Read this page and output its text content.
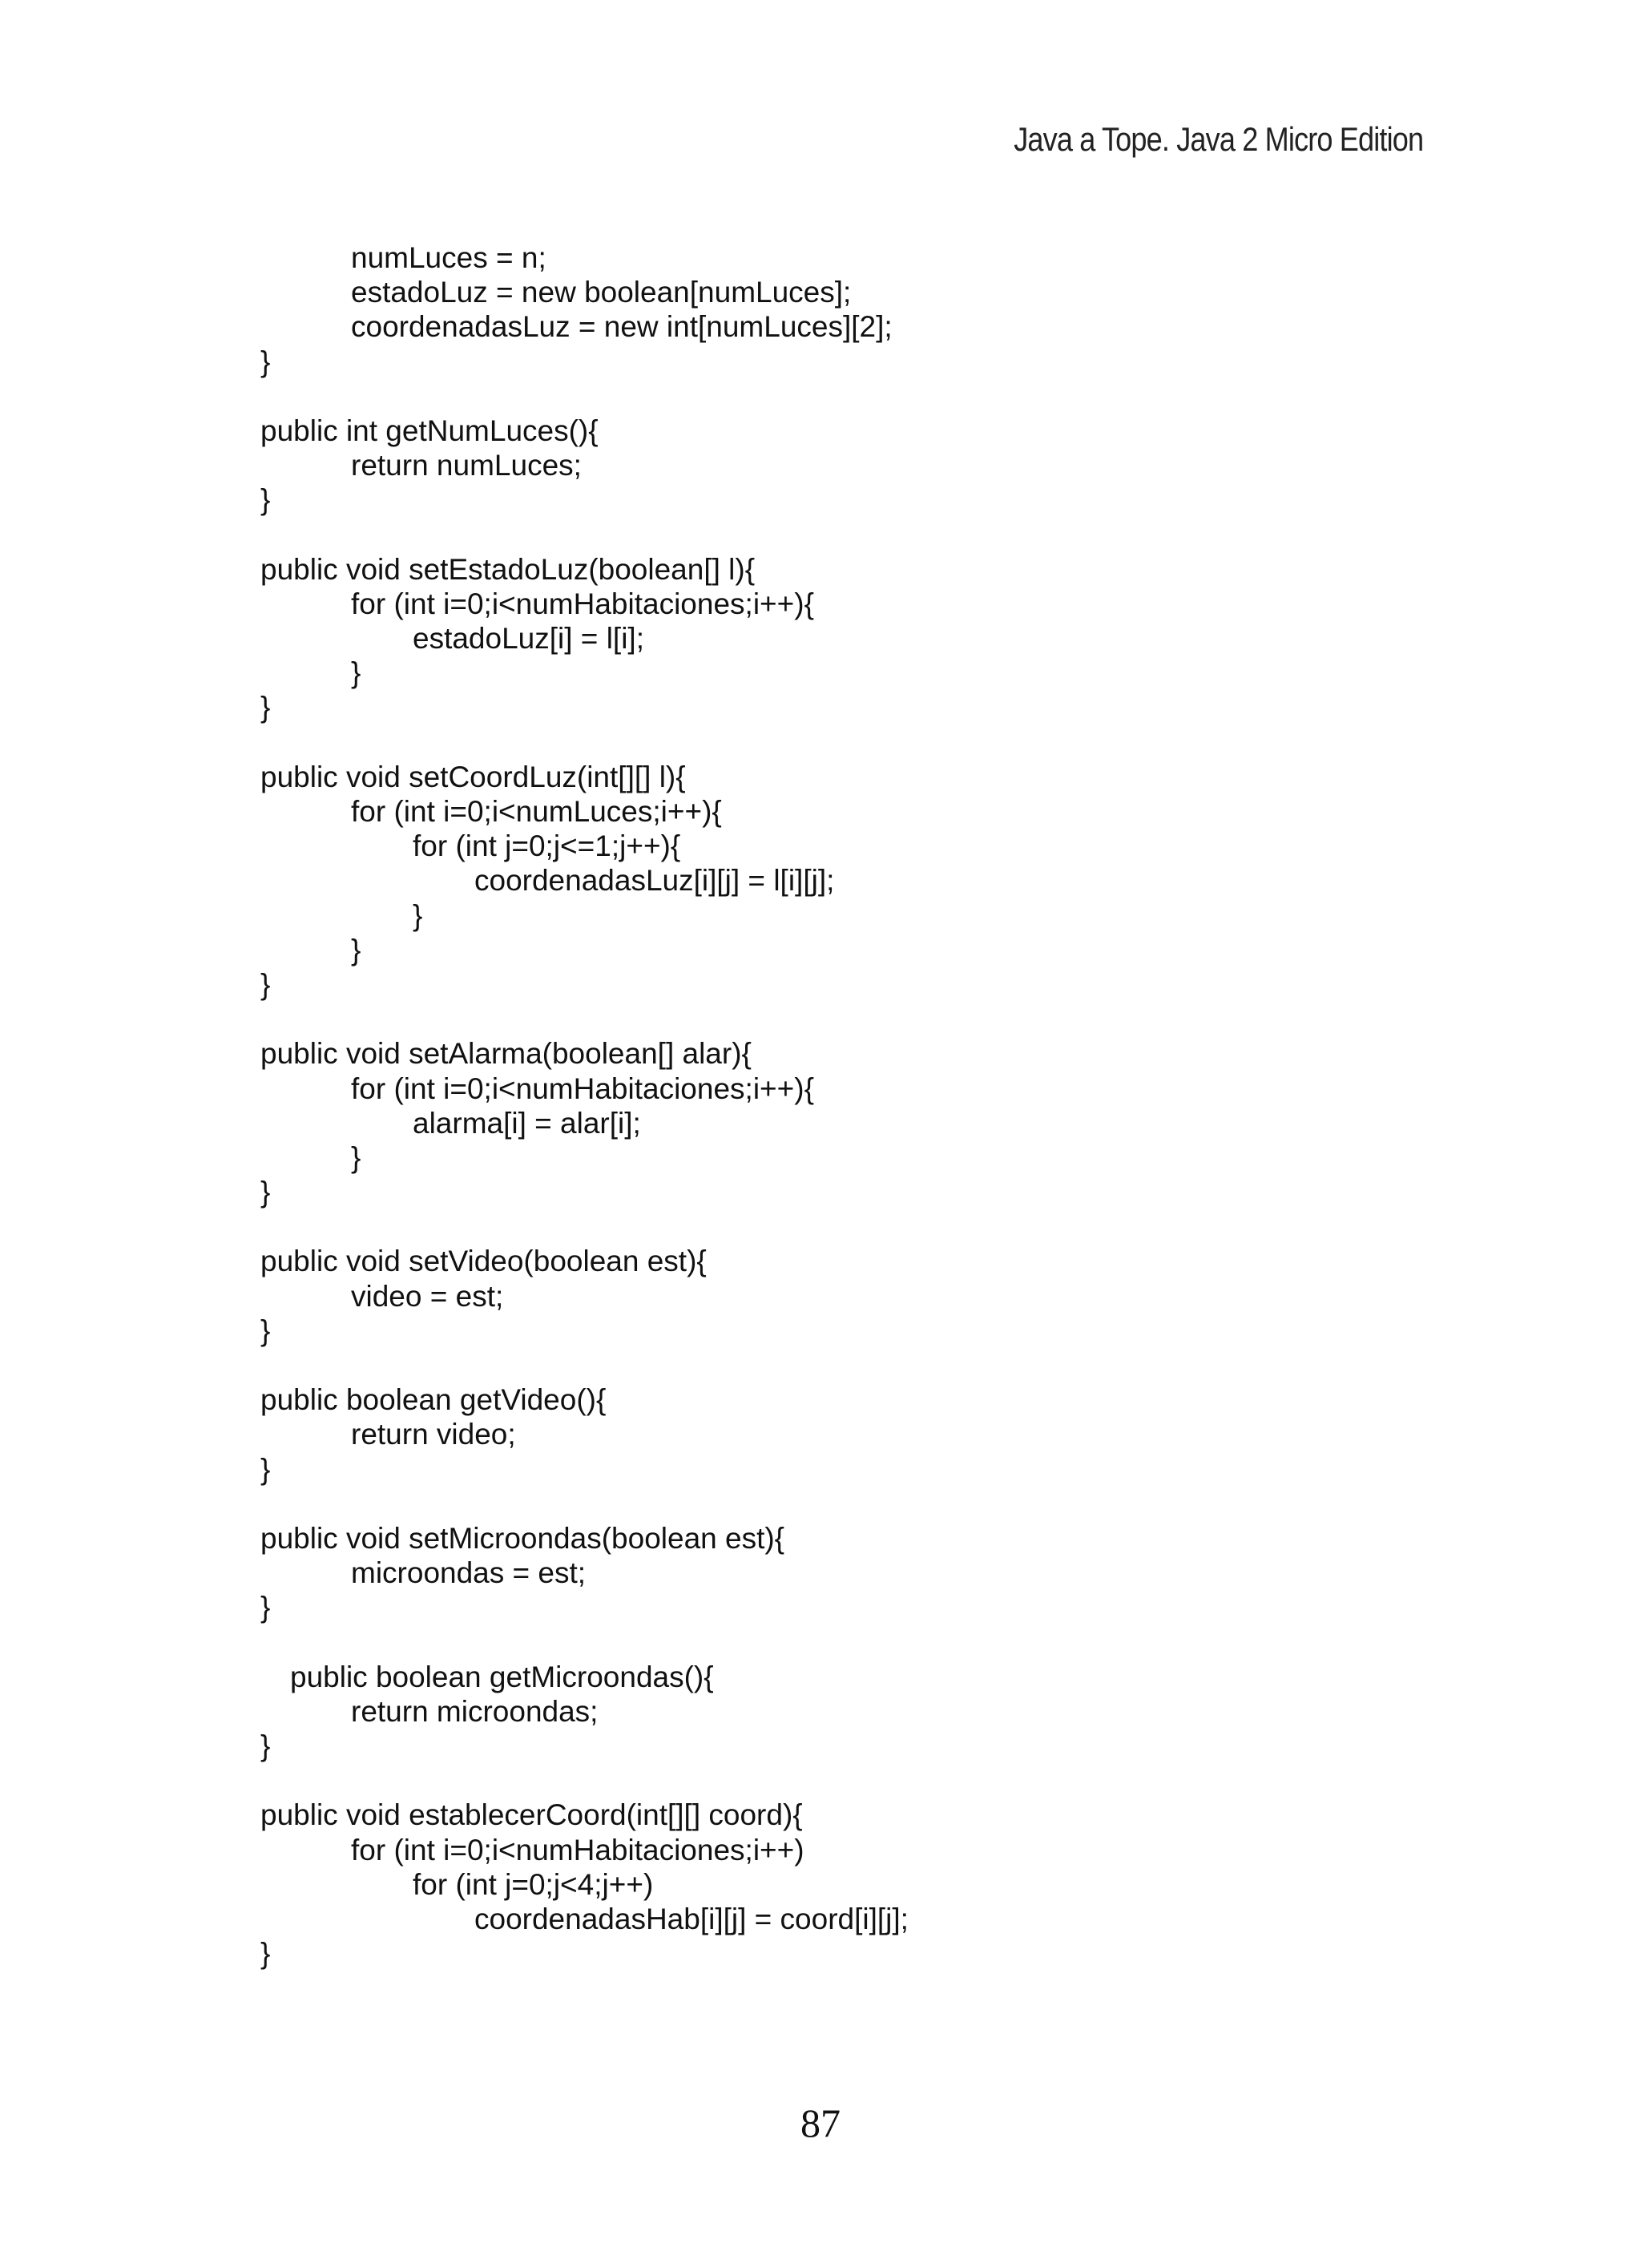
Java a Tope. Java 2 Micro Edition
numLuces = n;
estadoLuz = new boolean[numLuces];
coordenadasLuz = new int[numLuces][2];
}
public int getNumLuces(){
return numLuces;
}
public void setEstadoLuz(boolean[] l){
for (int i=0;i<numHabitaciones;i++){
estadoLuz[i] = l[i];
}
}
public void setCoordLuz(int[][] l){
for (int i=0;i<numLuces;i++){
for (int j=0;j<=1;j++){
coordenadasLuz[i][j] = l[i][j];
}
}
}
public void setAlarma(boolean[] alar){
for (int i=0;i<numHabitaciones;i++){
alarma[i] = alar[i];
}
}
public void setVideo(boolean est){
video = est;
}
public boolean getVideo(){
return video;
}
public void setMicroondas(boolean est){
microondas = est;
}
public boolean getMicroondas(){
return microondas;
}
public void establecerCoord(int[][] coord){
for (int i=0;i<numHabitaciones;i++)
for (int j=0;j<4;j++)
coordenadasHab[i][j] = coord[i][j];
}
87
